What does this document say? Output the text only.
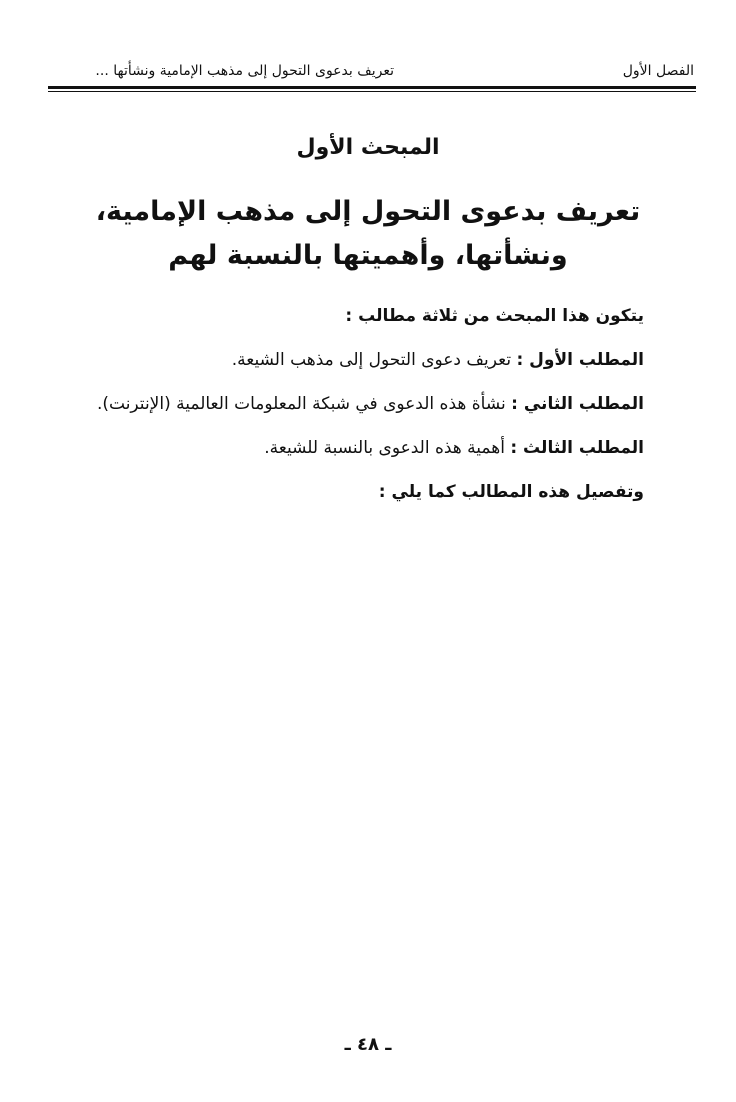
الفصل الأول
تعريف بدعوى التحول إلى مذهب الإمامية ونشأتها ...
المبحث الأول
تعريف بدعوى التحول إلى مذهب الإمامية،
ونشأتها، وأهميتها بالنسبة لهم
يتكون هذا المبحث من ثلاثة مطالب :
المطلب الأول : تعريف دعوى التحول إلى مذهب الشيعة.
المطلب الثاني : نشأة هذه الدعوى في شبكة المعلومات العالمية (الإنترنت).
المطلب الثالث : أهمية هذه الدعوى بالنسبة للشيعة.
وتفصيل هذه المطالب كما يلي :
ـ ٤٨ ـ
